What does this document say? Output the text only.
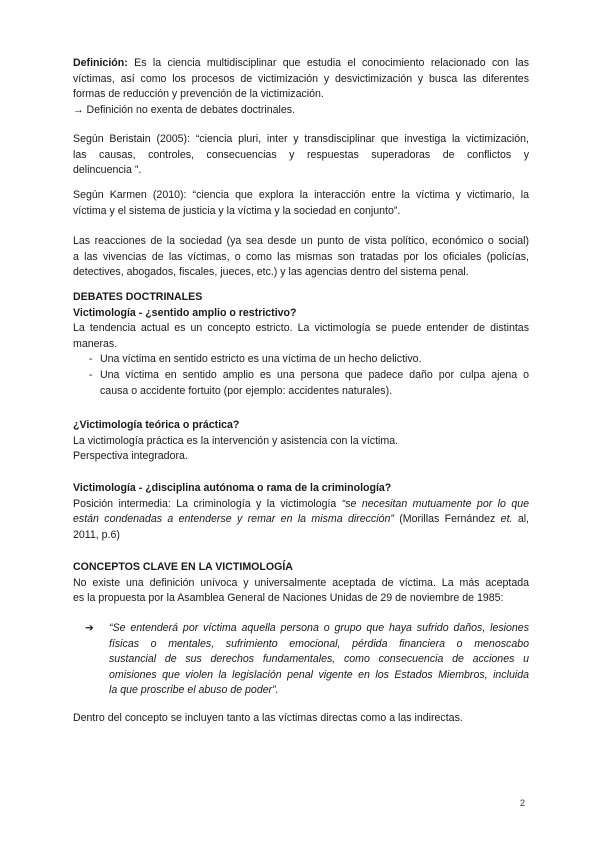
Definición: Es la ciencia multidisciplinar que estudia el conocimiento relacionado con las
víctimas, así como los procesos de victimización y desvictimización y busca las diferentes
formas de reducción y prevención de la victimización.
→ Definición no exenta de debates doctrinales.
Según Beristain (2005): “ciencia pluri, inter y transdisciplinar que investiga la victimización,
las causas, controles, consecuencias y respuestas superadoras de conflictos y
delincuencia ”.
Según Karmen (2010): “ciencia que explora la interacción entre la víctima y victimario, la
víctima y el sistema de justicia y la víctima y la sociedad en conjunto”.
Las reacciones de la sociedad (ya sea desde un punto de vista político, económico o social)
a las vivencias de las víctimas, o como las mismas son tratadas por los oficiales (policías,
detectives, abogados, fiscales, jueces, etc.) y las agencias dentro del sistema penal.
DEBATES DOCTRINALES
Victimología - ¿sentido amplio o restrictivo?
La tendencia actual es un concepto estricto. La victimología se puede entender de distintas
maneras.
- Una víctima en sentido estricto es una víctima de un hecho delictivo.
- Una víctima en sentido amplio es una persona que padece daño por culpa ajena o
causa o accidente fortuito (por ejemplo: accidentes naturales).
¿Victimología teórica o práctica?
La victimología práctica es la intervención y asistencia con la víctima.
Perspectiva integradora.
Victimología - ¿disciplina autónoma o rama de la criminología?
Posición intermedia: La criminología y la victimología “se necesitan mutuamente por lo que
están condenadas a entenderse y remar en la misma dirección” (Morillas Fernández et. al,
2011, p.6)
CONCEPTOS CLAVE EN LA VICTIMOLOGÍA
No existe una definición unívoca y universalmente aceptada de víctima. La más aceptada
es la propuesta por la Asamblea General de Naciones Unidas de 29 de noviembre de 1985:
➔ “Se entenderá por víctima aquella persona o grupo que haya sufrido daños, lesiones
físicas o mentales, sufrimiento emocional, pérdida financiera o menoscabo
sustancial de sus derechos fundamentales, como consecuencia de acciones u
omisiones que violen la legislación penal vigente en los Estados Miembros, incluida
la que proscribe el abuso de poder”.
Dentro del concepto se incluyen tanto a las víctimas directas como a las indirectas.
2
